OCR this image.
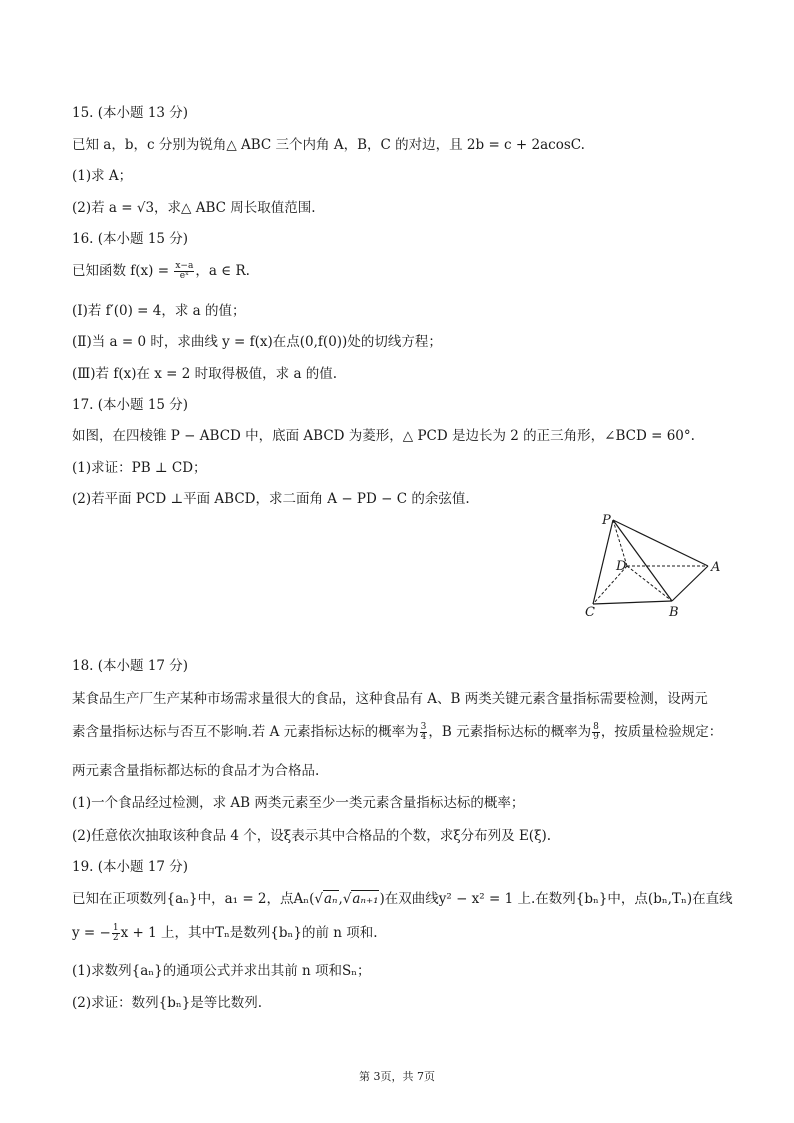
15. (本小题 13 分)
已知 a，b，c 分别为锐角△ ABC 三个内角 A，B，C 的对边，且 2b = c + 2acosC.
(1)求 A；
(2)若 a = √3，求△ ABC 周长取值范围.
16. (本小题 15 分)
已知函数 $f(x) = \frac{x-a}{\text{eˣ}}$ ，a ∈ R.
(Ⅰ)若 f′(0) = 4，求 a 的值；
(Ⅱ)当 a = 0 时，求曲线 y = f(x)在点(0,f(0))处的切线方程；
(Ⅲ)若 f(x)在 x = 2 时取得极值，求 a 的值.
17. (本小题 15 分)
如图，在四棱锥 P − ABCD 中，底面 ABCD 为菱形，△ PCD 是边长为 2 的正三角形，∠BCD = 60°.
(1)求证：PB ⊥ CD；
(2)若平面 PCD ⊥平面 ABCD，求二面角 A − PD − C 的余弦值.
P
D	A
C	B
18. (本小题 17 分)
某食品生产厂生产某种市场需求量很大的食品，这种食品有 A、B 两类关键元素含量指标需要检测，设两元
素含量指标达标与否互不影响.若 A 元素指标达标的概率为 $\frac{3}{4}$ ，B 元素指标达标的概率为 $\frac{8}{9}$ ，按质量检验规定：
两元素含量指标都达标的食品才为合格品.
(1)一个食品经过检测，求 AB 两类元素至少一类元素含量指标达标的概率；
(2)任意依次抽取该种食品 4 个，设ξ表示其中合格品的个数，求ξ分布列及 E(ξ).
19. (本小题 17 分)
已知在正项数列{aₙ}中，a₁ = 2，点Aₙ(√aₙ,√aₙ₊₁)在双曲线y² − x² = 1 上.在数列{bₙ}中，点(bₙ,Tₙ)在直线
y = − $\frac{1}{2}$ x + 1 上，其中Tₙ是数列{bₙ}的前 n 项和.
(1)求数列{aₙ}的通项公式并求出其前 n 项和Sₙ；
(2)求证：数列{bₙ}是等比数列.
第 3页，共 7页
